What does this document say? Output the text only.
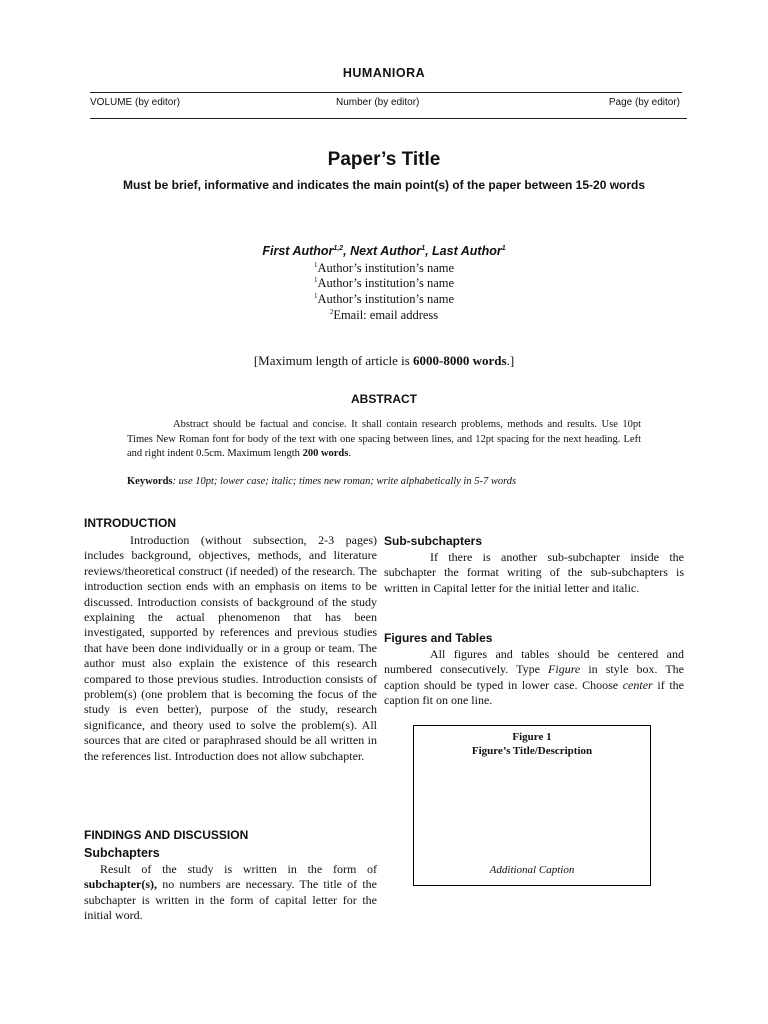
HUMANIORA
VOLUME (by editor)	Number (by editor)	Page (by editor)
Paper’s Title
Must be brief, informative and indicates the main point(s) of the paper between 15-20 words
First Author$^{1,2}$, Next Author$^1$, Last Author$^1$
$^1$Author’s institution’s name
$^1$Author’s institution’s name
$^1$Author’s institution’s name
$^2$Email: email address
[Maximum length of article is 6000-8000 words.]
ABSTRACT
Abstract should be factual and concise. It shall contain research problems, methods and results. Use 10pt Times New Roman font for body of the text with one spacing between lines, and 12pt spacing for the next heading. Left and right indent 0.5cm. Maximum length 200 words.
Keywords: use 10pt; lower case; italic; times new roman; write alphabetically in 5-7 words
INTRODUCTION
Introduction (without subsection, 2-3 pages) includes background, objectives, methods, and literature reviews/theoretical construct (if needed) of the research. The introduction section ends with an emphasis on items to be discussed. Introduction consists of background of the study explaining the actual phenomenon that has been investigated, supported by references and previous studies that have been done individually or in a group or team. The author must also explain the existence of this research compared to those previous studies. Introduction consists of problem(s) (one problem that is becoming the focus of the study is even better), purpose of the study, research significance, and theory used to solve the problem(s). All sources that are cited or paraphrased should be all written in the references list. Introduction does not allow subchapter.
FINDINGS AND DISCUSSION
Subchapters
Result of the study is written in the form of subchapter(s), no numbers are necessary. The title of the subchapter is written in the form of capital letter for the initial word.
Sub-subchapters
If there is another sub-subchapter inside the subchapter the format writing of the sub-subchapters is written in Capital letter for the initial letter and italic.
Figures and Tables
All figures and tables should be centered and numbered consecutively. Type Figure in style box. The caption should be typed in lower case. Choose center if the caption fit on one line.
Figure 1
Figure’s Title/Description
Additional Caption
